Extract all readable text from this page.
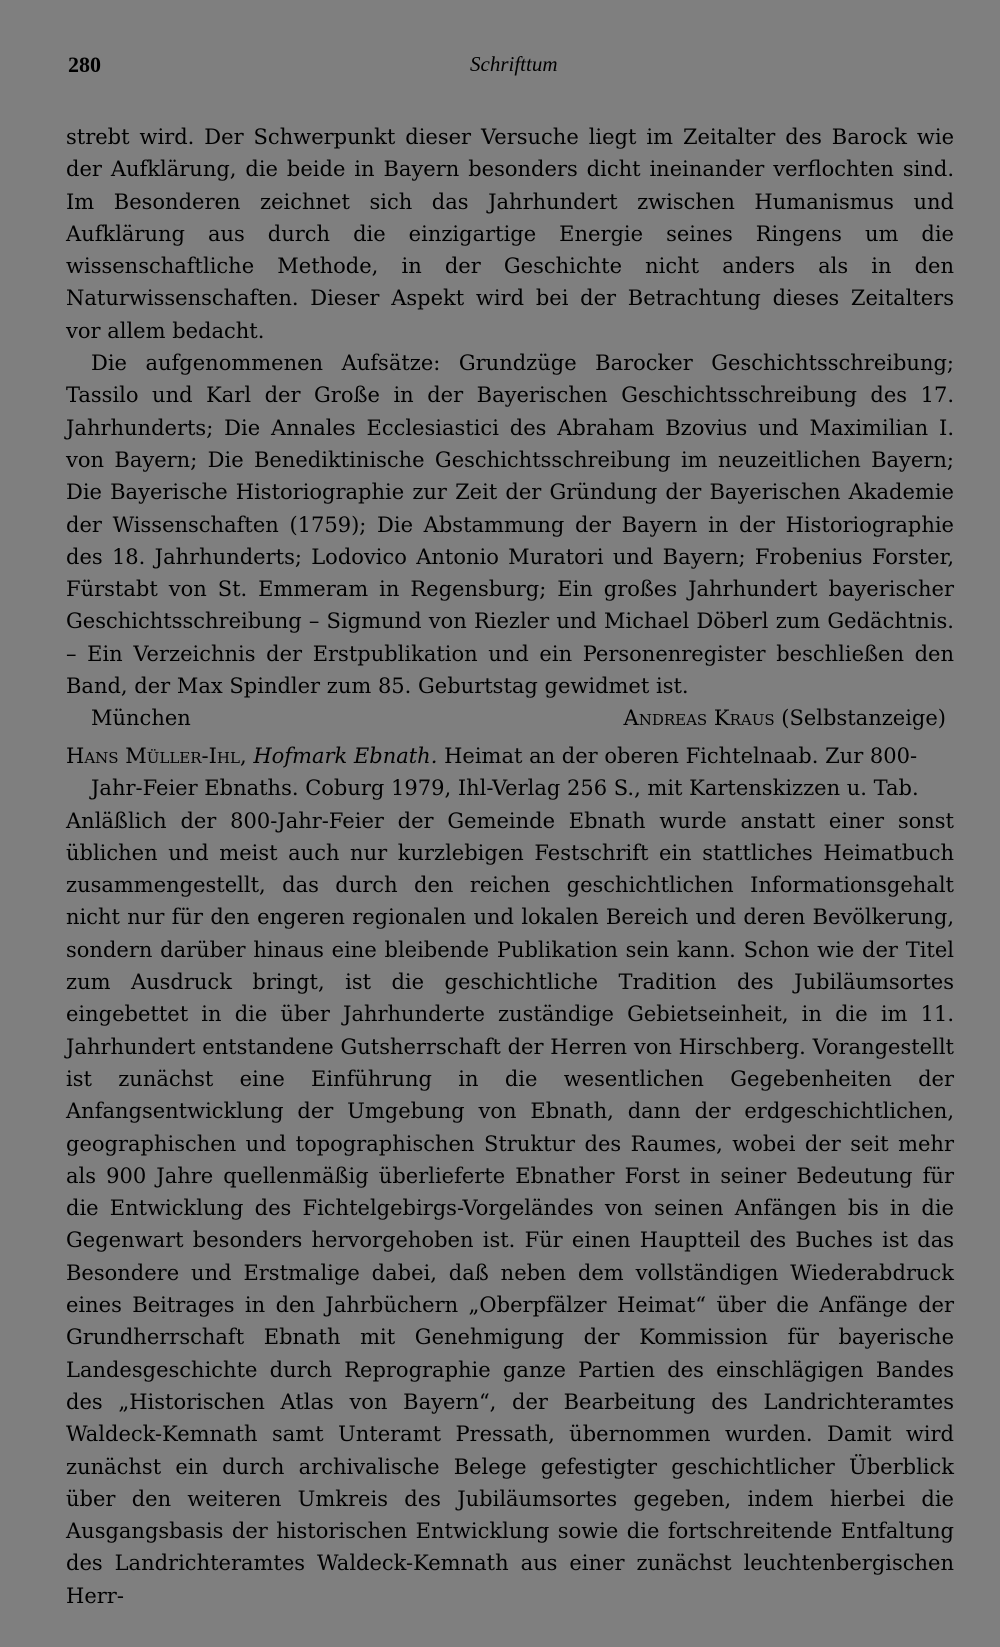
280	Schrifttum

strebt wird. Der Schwerpunkt dieser Versuche liegt im Zeitalter des Barock wie der Aufklärung, die beide in Bayern besonders dicht ineinander verflochten sind. Im Besonderen zeichnet sich das Jahrhundert zwischen Humanismus und Aufklärung aus durch die einzigartige Energie seines Ringens um die wissenschaftliche Methode, in der Geschichte nicht anders als in den Naturwissenschaften. Dieser Aspekt wird bei der Betrachtung dieses Zeitalters vor allem bedacht.

Die aufgenommenen Aufsätze: Grundzüge Barocker Geschichtsschreibung; Tassilo und Karl der Große in der Bayerischen Geschichtsschreibung des 17. Jahrhunderts; Die Annales Ecclesiastici des Abraham Bzovius und Maximilian I. von Bayern; Die Benediktinische Geschichtsschreibung im neuzeitlichen Bayern; Die Bayerische Historiographie zur Zeit der Gründung der Bayerischen Akademie der Wissenschaften (1759); Die Abstammung der Bayern in der Historiographie des 18. Jahrhunderts; Lodovico Antonio Muratori und Bayern; Frobenius Forster, Fürstabt von St. Emmeram in Regensburg; Ein großes Jahrhundert bayerischer Geschichtsschreibung – Sigmund von Riezler und Michael Döberl zum Gedächtnis. – Ein Verzeichnis der Erstpublikation und ein Personenregister beschließen den Band, der Max Spindler zum 85. Geburtstag gewidmet ist.

München	Andreas Kraus (Selbstanzeige)

Hans Müller-Ihl, Hofmark Ebnath. Heimat an der oberen Fichtelnaab. Zur 800-Jahr-Feier Ebnaths. Coburg 1979, Ihl-Verlag 256 S., mit Kartenskizzen u. Tab.

Anläßlich der 800-Jahr-Feier der Gemeinde Ebnath wurde anstatt einer sonst üblichen und meist auch nur kurzlebigen Festschrift ein stattliches Heimatbuch zusammengestellt, das durch den reichen geschichtlichen Informationsgehalt nicht nur für den engeren regionalen und lokalen Bereich und deren Bevölkerung, sondern darüber hinaus eine bleibende Publikation sein kann. Schon wie der Titel zum Ausdruck bringt, ist die geschichtliche Tradition des Jubiläumsortes eingebettet in die über Jahrhunderte zuständige Gebietseinheit, in die im 11. Jahrhundert entstandene Gutsherrschaft der Herren von Hirschberg. Vorangestellt ist zunächst eine Einführung in die wesentlichen Gegebenheiten der Anfangsentwicklung der Umgebung von Ebnath, dann der erdgeschichtlichen, geographischen und topographischen Struktur des Raumes, wobei der seit mehr als 900 Jahre quellenmäßig überlieferte Ebnather Forst in seiner Bedeutung für die Entwicklung des Fichtelgebirgs-Vorgeländes von seinen Anfängen bis in die Gegenwart besonders hervorgehoben ist. Für einen Hauptteil des Buches ist das Besondere und Erstmalige dabei, daß neben dem vollständigen Wiederabdruck eines Beitrages in den Jahrbüchern „Oberpfälzer Heimat“ über die Anfänge der Grundherrschaft Ebnath mit Genehmigung der Kommission für bayerische Landesgeschichte durch Reprographie ganze Partien des einschlägigen Bandes des „Historischen Atlas von Bayern“, der Bearbeitung des Landrichteramtes Waldeck-Kemnath samt Unteramt Pressath, übernommen wurden. Damit wird zunächst ein durch archivalische Belege gefestigter geschichtlicher Überblick über den weiteren Umkreis des Jubiläumsortes gegeben, indem hierbei die Ausgangsbasis der historischen Entwicklung sowie die fortschreitende Entfaltung des Landrichteramtes Waldeck-Kemnath aus einer zunächst leuchtenbergischen Herr-
